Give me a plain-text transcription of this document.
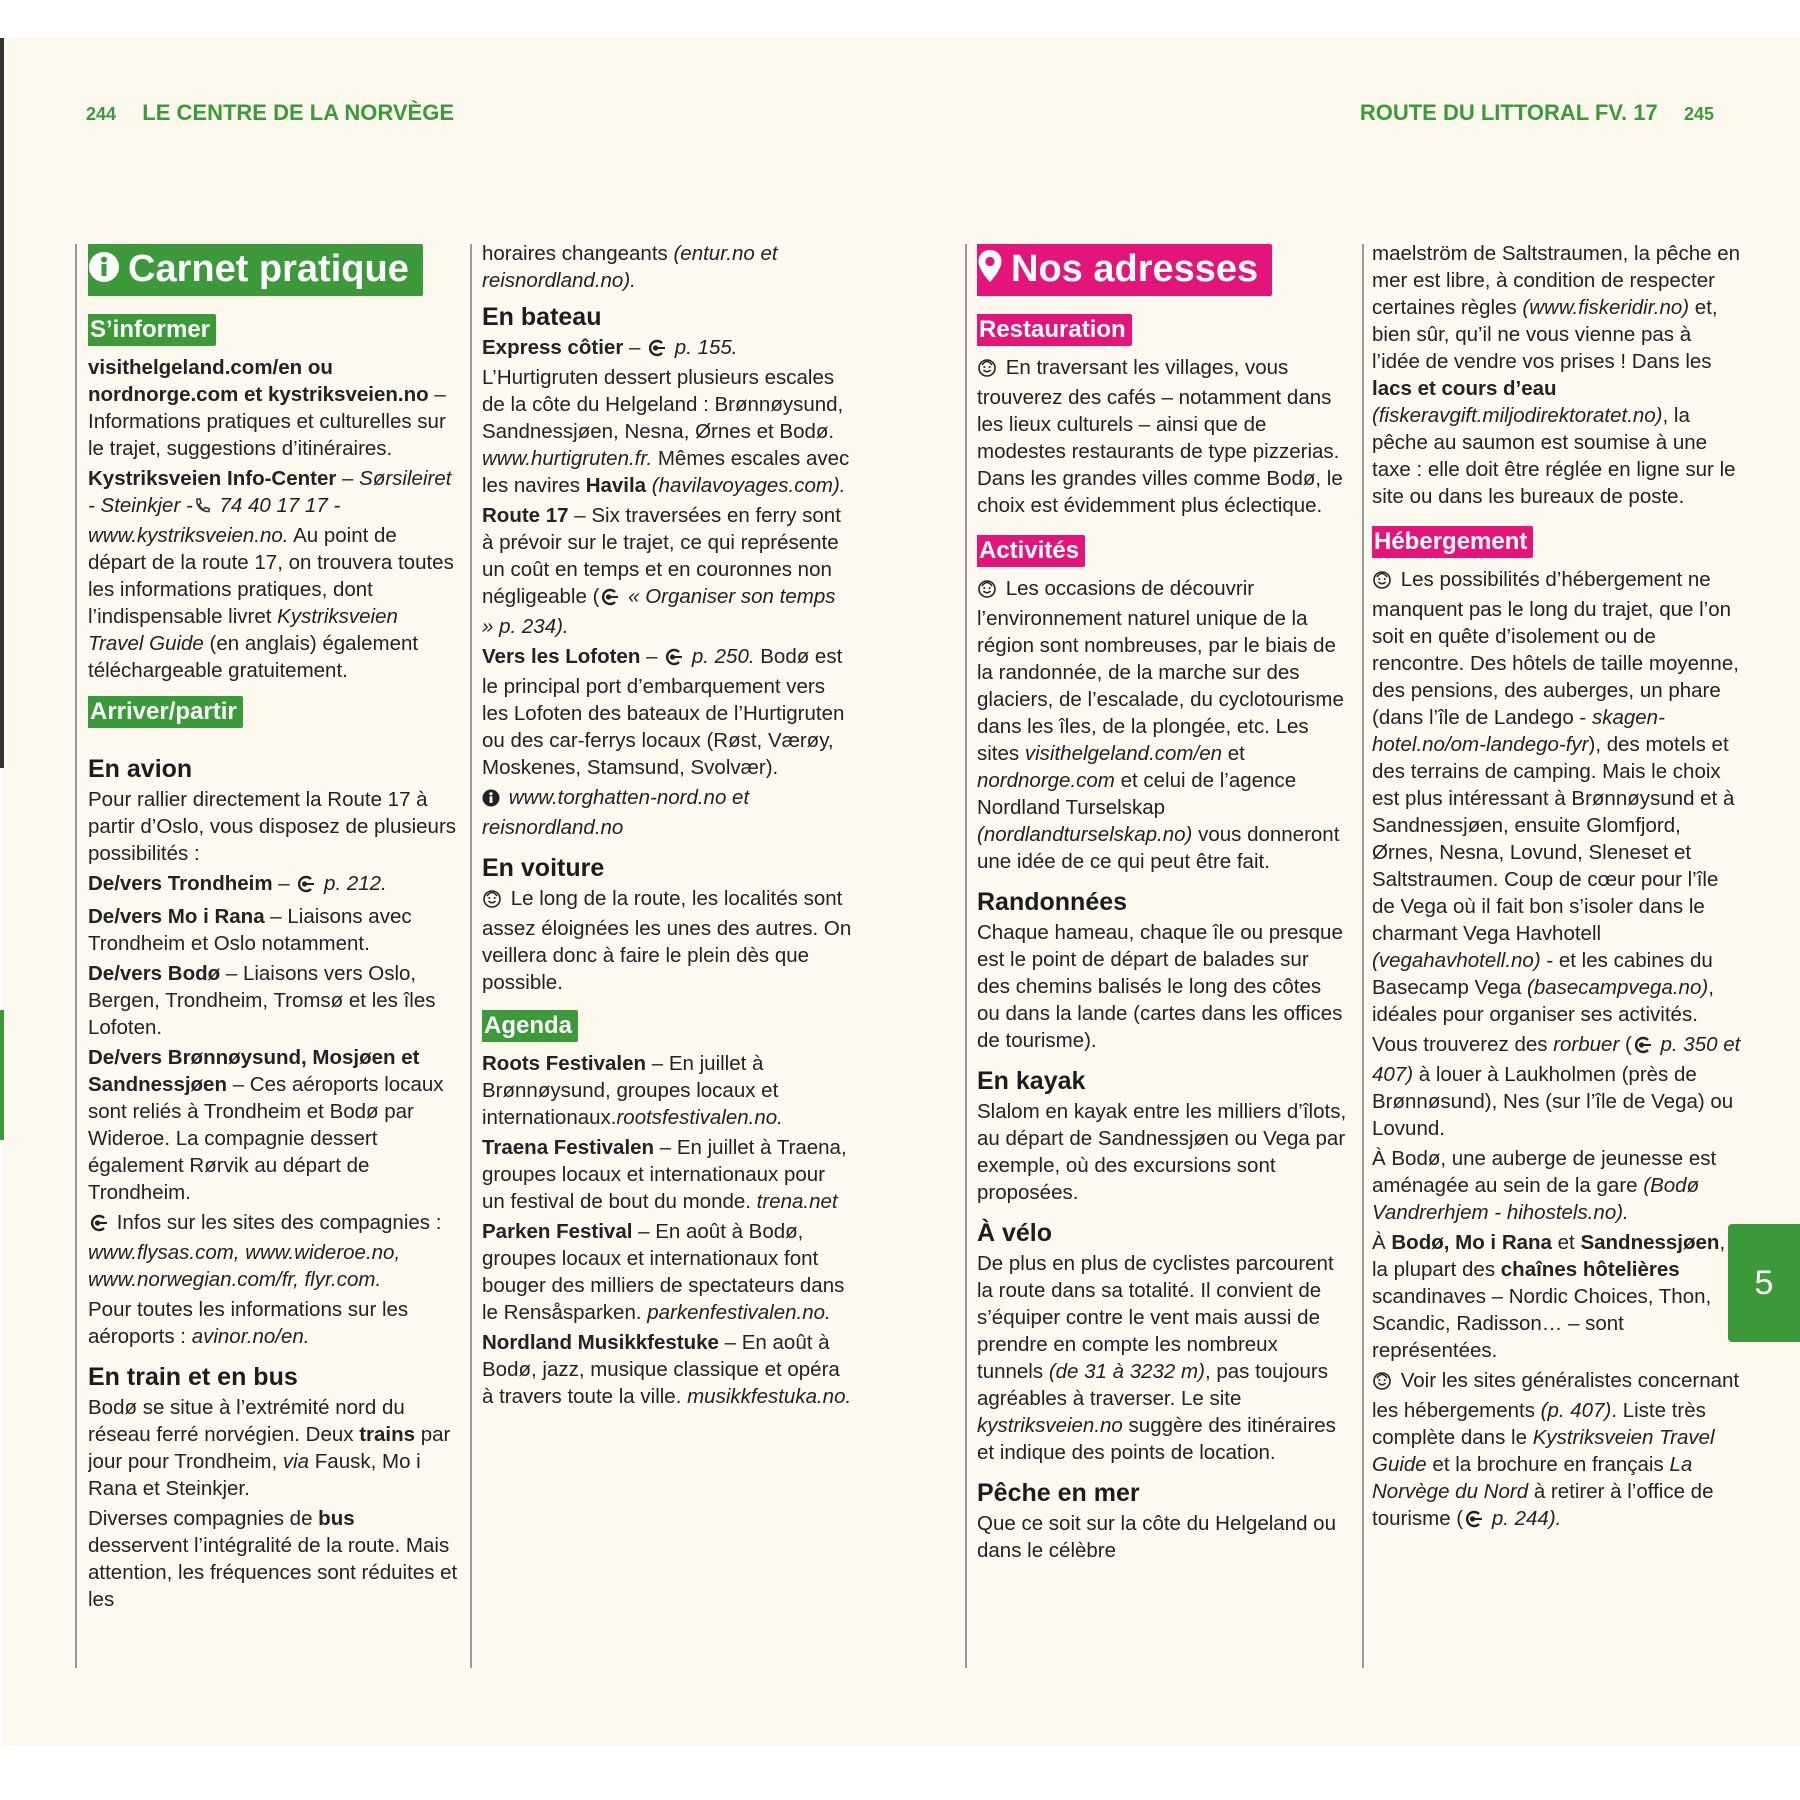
244 LE CENTRE DE LA NORVÈGE	ROUTE DU LITTORAL FV. 17 245
Carnet pratique
S’informer
visithelgeland.com/en ou nordnorge.com et kystriksveien.no – Informations pratiques et culturelles sur le trajet, suggestions d’itinéraires.
Kystriksveien Info-Center – Sørsileiret - Steinkjer - 74 40 17 17 - www.kystriksveien.no. Au point de départ de la route 17, on trouvera toutes les informations pratiques, dont l’indispensable livret Kystriksveien Travel Guide (en anglais) également téléchargeable gratuitement.
Arriver/partir
En avion
Pour rallier directement la Route 17 à partir d’Oslo, vous disposez de plusieurs possibilités :
De/vers Trondheim –  p. 212.
De/vers Mo i Rana – Liaisons avec Trondheim et Oslo notamment.
De/vers Bodø – Liaisons vers Oslo, Bergen, Trondheim, Tromsø et les îles Lofoten.
De/vers Brønnøysund, Mosjøen et Sandnessjøen – Ces aéroports locaux sont reliés à Trondheim et Bodø par Wideroe. La compagnie dessert également Rørvik au départ de Trondheim.
Infos sur les sites des compagnies : www.flysas.com, www.wideroe.no, www.norwegian.com/fr, flyr.com.
Pour toutes les informations sur les aéroports : avinor.no/en.
En train et en bus
Bodø se situe à l’extrémité nord du réseau ferré norvégien. Deux trains par jour pour Trondheim, via Fausk, Mo i Rana et Steinkjer.
Diverses compagnies de bus desservent l’intégralité de la route. Mais attention, les fréquences sont réduites et les
horaires changeants (entur.no et reisnordland.no).
En bateau
Express côtier –  p. 155. L’Hurtigruten dessert plusieurs escales de la côte du Helgeland : Brønnøysund, Sandnessjøen, Nesna, Ørnes et Bodø. www.hurtigruten.fr. Mêmes escales avec les navires Havila (havilavoyages.com).
Route 17 – Six traversées en ferry sont à prévoir sur le trajet, ce qui représente un coût en temps et en couronnes non négligeable ( « Organiser son temps » p. 234).
Vers les Lofoten –  p. 250. Bodø est le principal port d’embarquement vers les Lofoten des bateaux de l’Hurtigruten ou des car-ferrys locaux (Røst, Værøy, Moskenes, Stamsund, Svolvær).
www.torghatten-nord.no et reisnordland.no
En voiture
Le long de la route, les localités sont assez éloignées les unes des autres. On veillera donc à faire le plein dès que possible.
Agenda
Roots Festivalen – En juillet à Brønnøysund, groupes locaux et internationaux.rootsfestivalen.no.
Traena Festivalen – En juillet à Traena, groupes locaux et internationaux pour un festival de bout du monde. trena.net
Parken Festival – En août à Bodø, groupes locaux et internationaux font bouger des milliers de spectateurs dans le Rensåsparken. parkenfestivalen.no.
Nordland Musikkfestuke – En août à Bodø, jazz, musique classique et opéra à travers toute la ville. musikkfestuka.no.
Nos adresses
Restauration
En traversant les villages, vous trouverez des cafés – notamment dans les lieux culturels – ainsi que de modestes restaurants de type pizzerias. Dans les grandes villes comme Bodø, le choix est évidemment plus éclectique.
Activités
Les occasions de découvrir l’environnement naturel unique de la région sont nombreuses, par le biais de la randonnée, de la marche sur des glaciers, de l’escalade, du cyclotourisme dans les îles, de la plongée, etc. Les sites visithelgeland.com/en et nordnorge.com et celui de l’agence Nordland Turselskap (nordlandturselskap.no) vous donneront une idée de ce qui peut être fait.
Randonnées
Chaque hameau, chaque île ou presque est le point de départ de balades sur des chemins balisés le long des côtes ou dans la lande (cartes dans les offices de tourisme).
En kayak
Slalom en kayak entre les milliers d’îlots, au départ de Sandnessjøen ou Vega par exemple, où des excursions sont proposées.
À vélo
De plus en plus de cyclistes parcourent la route dans sa totalité. Il convient de s’équiper contre le vent mais aussi de prendre en compte les nombreux tunnels (de 31 à 3232 m), pas toujours agréables à traverser. Le site kystriksveien.no suggère des itinéraires et indique des points de location.
Pêche en mer
Que ce soit sur la côte du Helgeland ou dans le célèbre
maelström de Saltstraumen, la pêche en mer est libre, à condition de respecter certaines règles (www.fiskeridir.no) et, bien sûr, qu’il ne vous vienne pas à l’idée de vendre vos prises ! Dans les lacs et cours d’eau (fiskeravgift.miljodirektoratet.no), la pêche au saumon est soumise à une taxe : elle doit être réglée en ligne sur le site ou dans les bureaux de poste.
Hébergement
Les possibilités d’hébergement ne manquent pas le long du trajet, que l’on soit en quête d’isolement ou de rencontre. Des hôtels de taille moyenne, des pensions, des auberges, un phare (dans l’île de Landego - skagen-hotel.no/om-landego-fyr), des motels et des terrains de camping. Mais le choix est plus intéressant à Brønnøysund et à Sandnessjøen, ensuite Glomfjord, Ørnes, Nesna, Lovund, Sleneset et Saltstraumen. Coup de cœur pour l’île de Vega où il fait bon s’isoler dans le charmant Vega Havhotell (vegahavhotell.no) - et les cabines du Basecamp Vega (basecampvega.no), idéales pour organiser ses activités.
Vous trouverez des rorbuer ( p. 350 et 407) à louer à Laukholmen (près de Brønnøsund), Nes (sur l’île de Vega) ou Lovund.
À Bodø, une auberge de jeunesse est aménagée au sein de la gare (Bodø Vandrerhjem - hihostels.no).
À Bodø, Mo i Rana et Sandnessjøen, la plupart des chaînes hôtelières scandinaves – Nordic Choices, Thon, Scandic, Radisson… – sont représentées.
Voir les sites généralistes concernant les hébergements (p. 407). Liste très complète dans le Kystriksveien Travel Guide et la brochure en français La Norvège du Nord à retirer à l’office de tourisme ( p. 244).
5
